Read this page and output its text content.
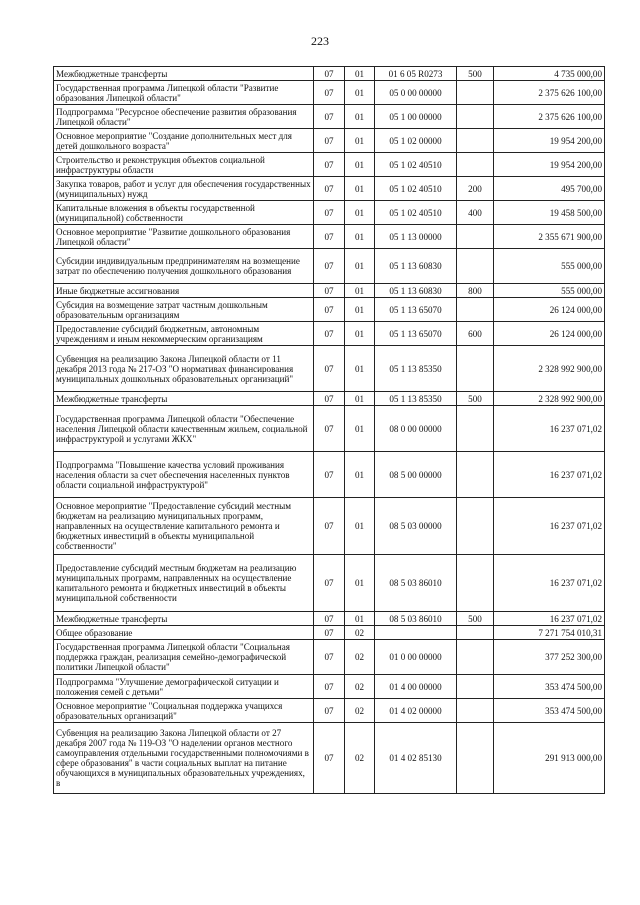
223
Межбюджетные трансферты	07	01	01 6 05 R0273	500	4 735 000,00
Государственная программа Липецкой области "Развитие образования Липецкой области"	07	01	05 0 00 00000		2 375 626 100,00
Подпрограмма "Ресурсное обеспечение развития образования Липецкой области"	07	01	05 1 00 00000		2 375 626 100,00
Основное мероприятие "Создание дополнительных мест для детей дошкольного возраста"	07	01	05 1 02 00000		19 954 200,00
Строительство и реконструкция объектов социальной инфраструктуры области	07	01	05 1 02 40510		19 954 200,00
Закупка товаров, работ и услуг для обеспечения государственных (муниципальных) нужд	07	01	05 1 02 40510	200	495 700,00
Капитальные вложения в объекты государственной (муниципальной) собственности	07	01	05 1 02 40510	400	19 458 500,00
Основное мероприятие "Развитие дошкольного образования Липецкой области"	07	01	05 1 13 00000		2 355 671 900,00
Субсидии индивидуальным предпринимателям на возмещение затрат по обеспечению получения дошкольного образования	07	01	05 1 13 60830		555 000,00
Иные бюджетные ассигнования	07	01	05 1 13 60830	800	555 000,00
Субсидия на возмещение затрат частным дошкольным образовательным организациям	07	01	05 1 13 65070		26 124 000,00
Предоставление субсидий бюджетным, автономным учреждениям и иным некоммерческим организациям	07	01	05 1 13 65070	600	26 124 000,00
Субвенция на реализацию Закона Липецкой области от 11 декабря 2013 года № 217-ОЗ "О нормативах финансирования муниципальных дошкольных образовательных организаций"	07	01	05 1 13 85350		2 328 992 900,00
Межбюджетные трансферты	07	01	05 1 13 85350	500	2 328 992 900,00
Государственная программа Липецкой области "Обеспечение населения Липецкой области качественным жильем, социальной инфраструктурой и услугами ЖКХ"	07	01	08 0 00 00000		16 237 071,02
Подпрограмма "Повышение качества условий проживания населения области за счет обеспечения населенных пунктов области социальной инфраструктурой"	07	01	08 5 00 00000		16 237 071,02
Основное мероприятие "Предоставление субсидий местным бюджетам на реализацию муниципальных программ, направленных на осуществление капитального ремонта и бюджетных инвестиций в объекты муниципальной собственности"	07	01	08 5 03 00000		16 237 071,02
Предоставление субсидий местным бюджетам на реализацию муниципальных программ, направленных на осуществление капитального ремонта и бюджетных инвестиций в объекты муниципальной собственности	07	01	08 5 03 86010		16 237 071,02
Межбюджетные трансферты	07	01	08 5 03 86010	500	16 237 071,02
Общее образование	07	02			7 271 754 010,31
Государственная программа Липецкой области "Социальная поддержка граждан, реализация семейно-демографической политики Липецкой области"	07	02	01 0 00 00000		377 252 300,00
Подпрограмма "Улучшение демографической ситуации и положения семей с детьми"	07	02	01 4 00 00000		353 474 500,00
Основное мероприятие "Социальная поддержка учащихся образовательных организаций"	07	02	01 4 02 00000		353 474 500,00
Субвенция на реализацию Закона Липецкой области от 27 декабря 2007 года № 119-ОЗ "О наделении органов местного самоуправления отдельными государственными полномочиями в сфере образования" в части социальных выплат на питание обучающихся в муниципальных образовательных учреждениях, в	07	02	01 4 02 85130		291 913 000,00
